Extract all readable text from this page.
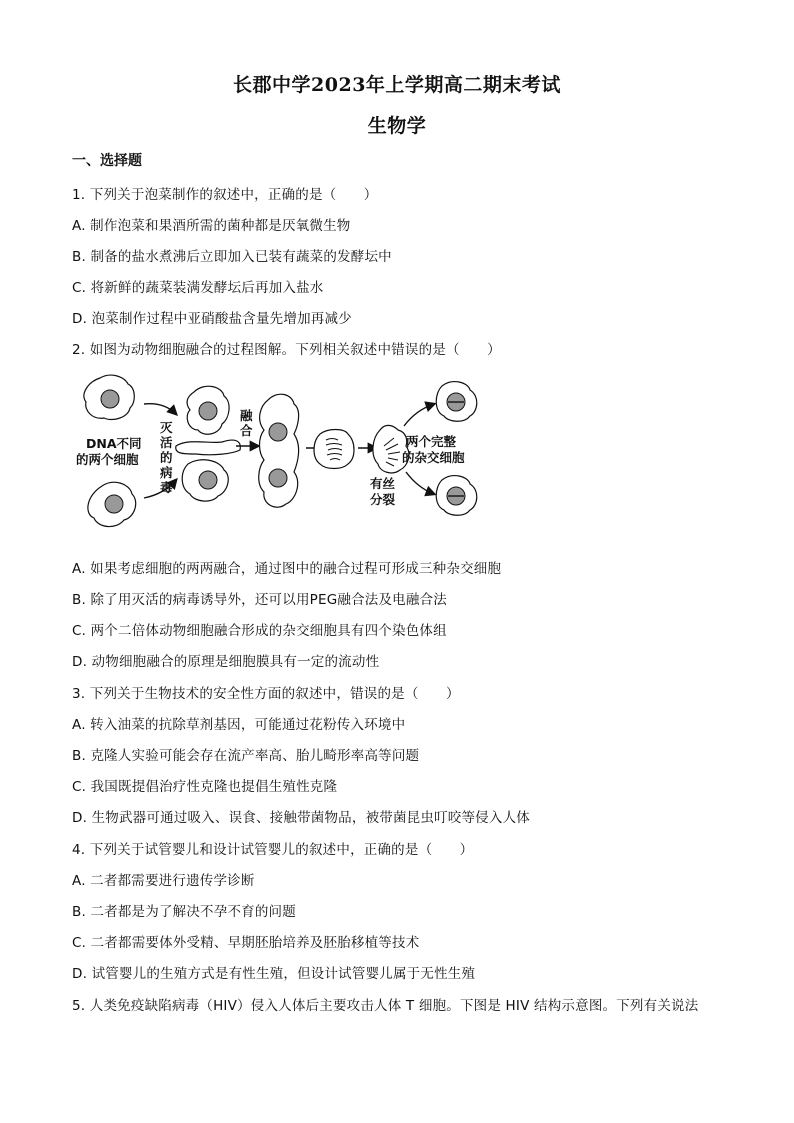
长郡中学2023年上学期高二期末考试
生物学
一、选择题
1. 下列关于泡菜制作的叙述中，正确的是（　　）
A. 制作泡菜和果酒所需的菌种都是厌氧微生物
B. 制备的盐水煮沸后立即加入已装有蔬菜的发酵坛中
C. 将新鲜的蔬菜装满发酵坛后再加入盐水
D. 泡菜制作过程中亚硝酸盐含量先增加再减少
2. 如图为动物细胞融合的过程图解。下列相关叙述中错误的是（　　）
DNA不同
的两个细胞
灭
活
的
病
毒
融
合
有丝
分裂
两个完整
的杂交细胞
A. 如果考虑细胞的两两融合，通过图中的融合过程可形成三种杂交细胞
B. 除了用灭活的病毒诱导外，还可以用PEG融合法及电融合法
C. 两个二倍体动物细胞融合形成的杂交细胞具有四个染色体组
D. 动物细胞融合的原理是细胞膜具有一定的流动性
3. 下列关于生物技术的安全性方面的叙述中，错误的是（　　）
A. 转入油菜的抗除草剂基因，可能通过花粉传入环境中
B. 克隆人实验可能会存在流产率高、胎儿畸形率高等问题
C. 我国既提倡治疗性克隆也提倡生殖性克隆
D. 生物武器可通过吸入、误食、接触带菌物品，被带菌昆虫叮咬等侵入人体
4. 下列关于试管婴儿和设计试管婴儿的叙述中，正确的是（　　）
A. 二者都需要进行遗传学诊断
B. 二者都是为了解决不孕不育的问题
C. 二者都需要体外受精、早期胚胎培养及胚胎移植等技术
D. 试管婴儿的生殖方式是有性生殖，但设计试管婴儿属于无性生殖
5. 人类免疫缺陷病毒（HIV）侵入人体后主要攻击人体 T 细胞。下图是 HIV 结构示意图。下列有关说法
